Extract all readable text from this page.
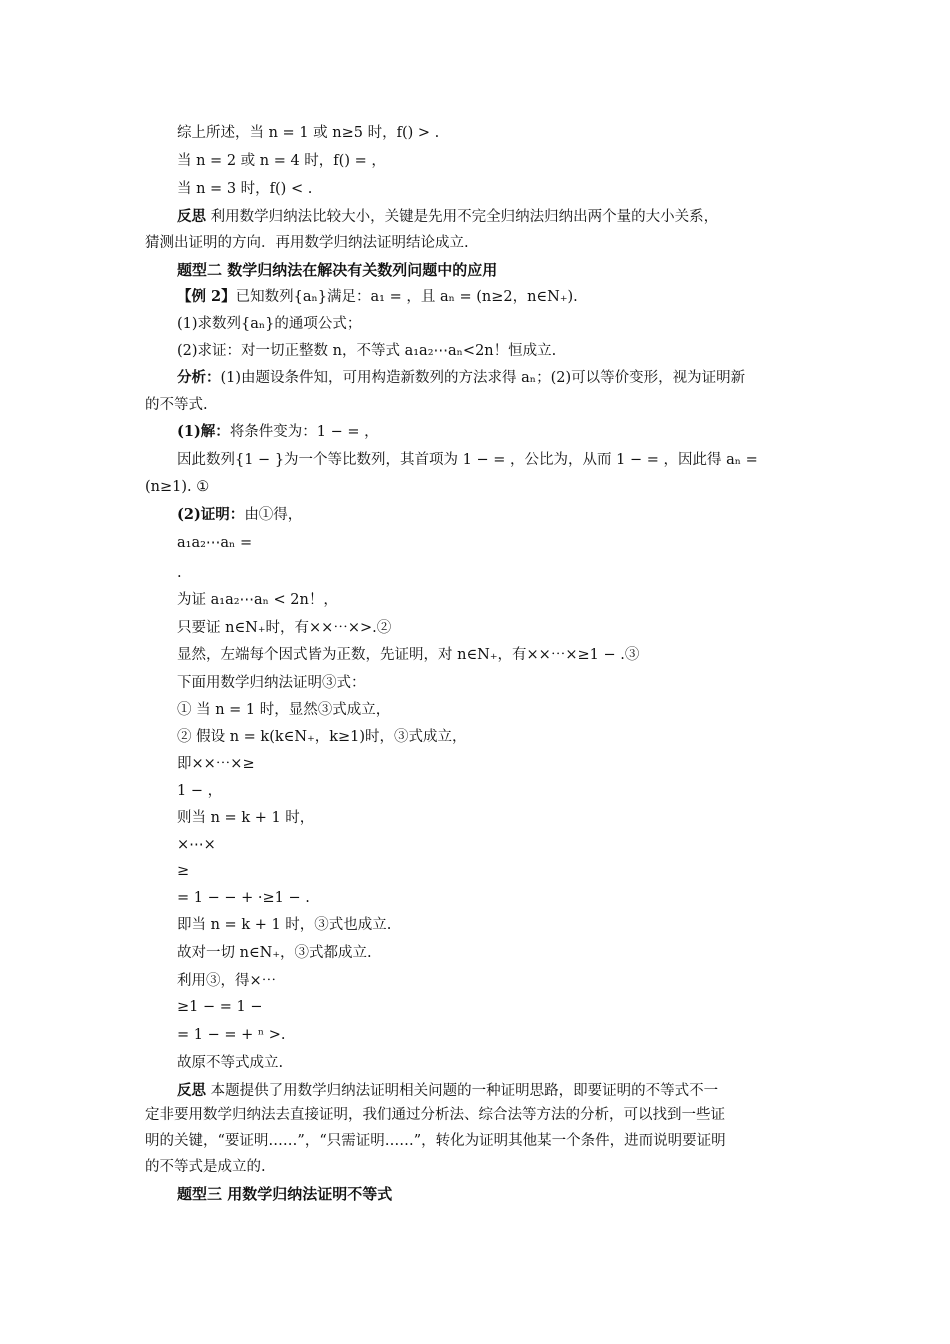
综上所述，当 n = 1 或 n≥5 时，f() > .
当 n = 2 或 n = 4 时，f() = ，
当 n = 3 时，f() < .
反思 利用数学归纳法比较大小，关键是先用不完全归纳法归纳出两个量的大小关系，
猜测出证明的方向．再用数学归纳法证明结论成立.
题型二 数学归纳法在解决有关数列问题中的应用
【例 2】已知数列{aₙ}满足：a₁ = ，且 aₙ = (n≥2，n∈N₊).
(1)求数列{aₙ}的通项公式；
(2)求证：对一切正整数 n，不等式 a₁a₂⋯aₙ<2n！恒成立.
分析：(1)由题设条件知，可用构造新数列的方法求得 aₙ；(2)可以等价变形，视为证明新
的不等式.
(1)解：将条件变为：1 − = ，
因此数列{1 − }为一个等比数列，其首项为 1 − = ，公比为，从而 1 − = ，因此得 aₙ =
(n≥1). ①
(2)证明：由①得，
a₁a₂⋯aₙ =
.
为证 a₁a₂⋯aₙ < 2n！，
只要证 n∈N₊时，有××⋯×>.②
显然，左端每个因式皆为正数，先证明，对 n∈N₊，有××⋯×≥1 − .③
下面用数学归纳法证明③式：
① 当 n = 1 时，显然③式成立，
② 假设 n = k(k∈N₊，k≥1)时，③式成立，
即××⋯×≥
1 − ，
则当 n = k + 1 时，
×⋯×
≥
= 1 − − + ·≥1 − .
即当 n = k + 1 时，③式也成立.
故对一切 n∈N₊，③式都成立.
利用③，得×⋯
≥1 − = 1 −
= 1 − = + ⁿ >.
故原不等式成立.
反思 本题提供了用数学归纳法证明相关问题的一种证明思路，即要证明的不等式不一
定非要用数学归纳法去直接证明，我们通过分析法、综合法等方法的分析，可以找到一些证
明的关键，“要证明……”，“只需证明……”，转化为证明其他某一个条件，进而说明要证明
的不等式是成立的.
题型三 用数学归纳法证明不等式
